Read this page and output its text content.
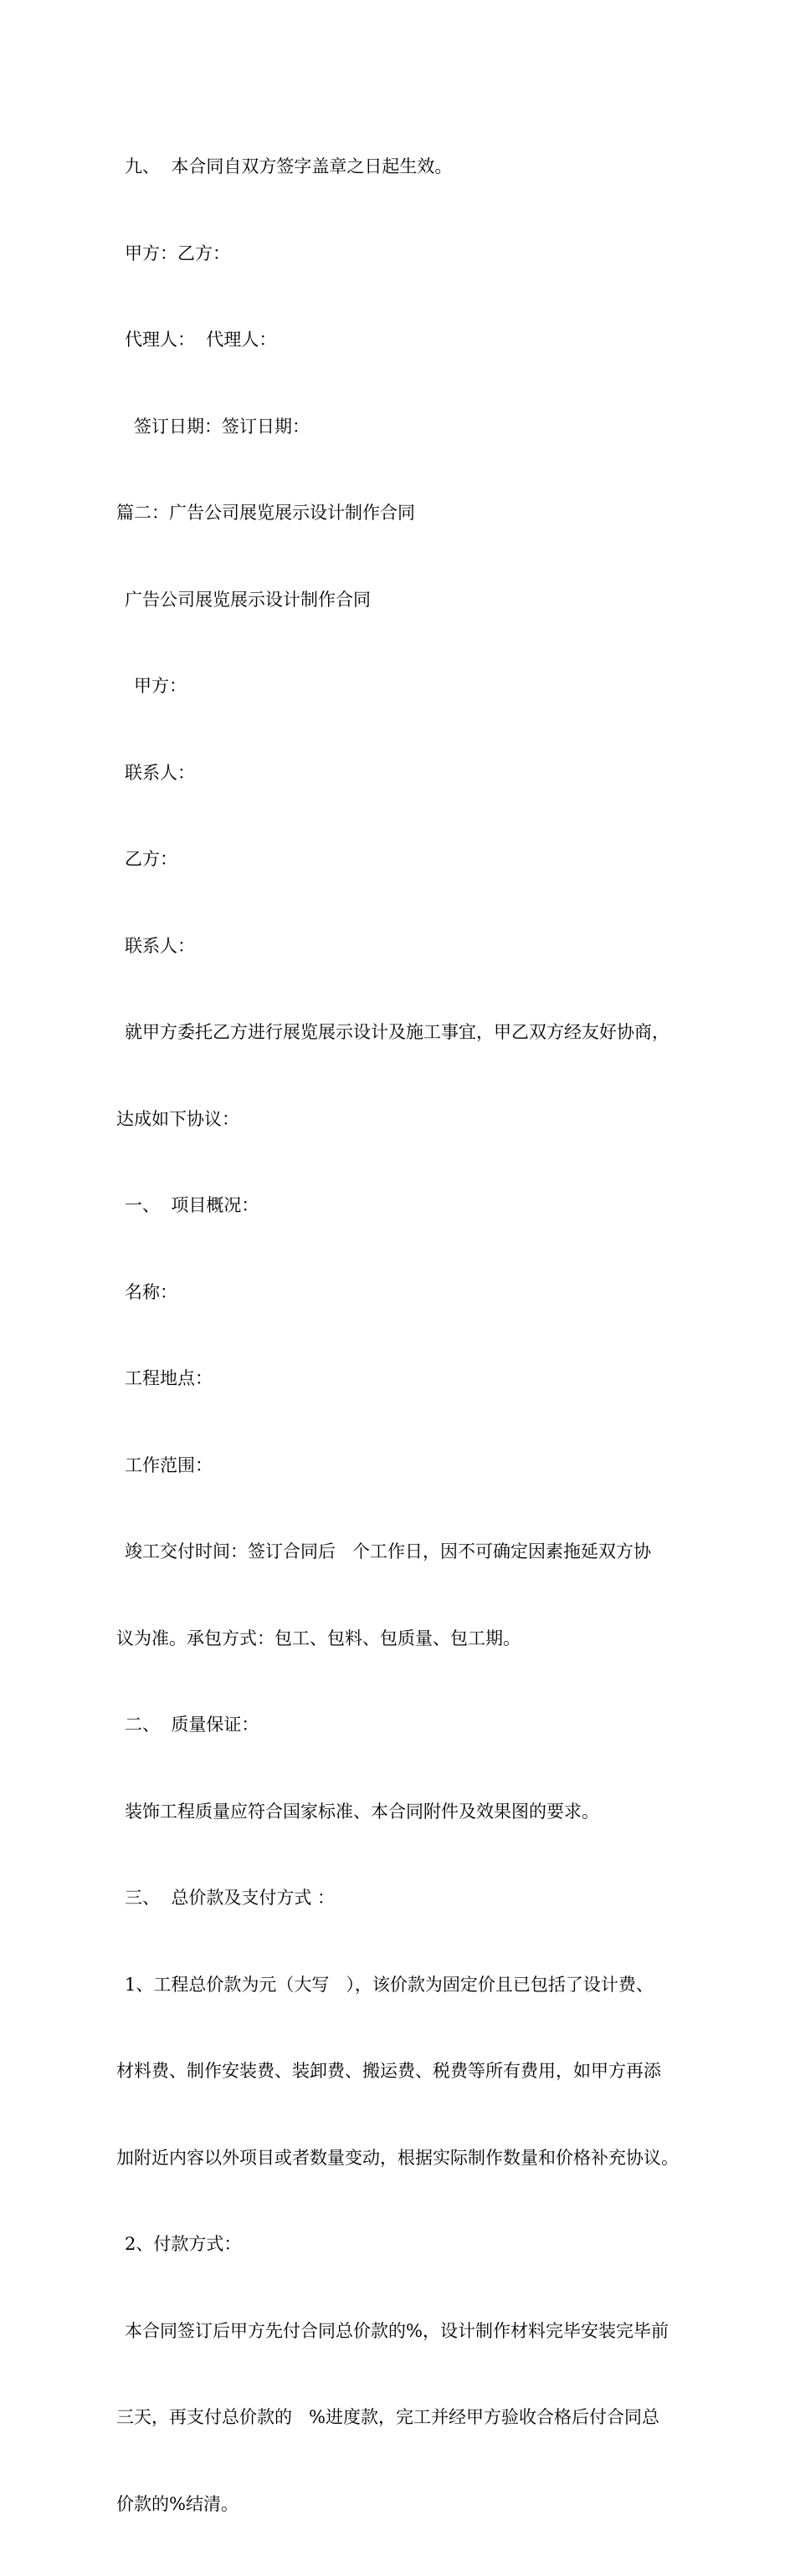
九、  本合同自双方签字盖章之日起生效。

甲方：乙方：

代理人：  代理人：

签订日期：签订日期：

篇二：广告公司展览展示设计制作合同

广告公司展览展示设计制作合同

甲方：

联系人：

乙方：

联系人：

就甲方委托乙方进行展览展示设计及施工事宜，甲乙双方经友好协商，

达成如下协议：

一、  项目概况：

名称：

工程地点：

工作范围：

竣工交付时间：签订合同后   个工作日，因不可确定因素拖延双方协

议为准。承包方式：包工、包料、包质量、包工期。

二、  质量保证：

装饰工程质量应符合国家标准、本合同附件及效果图的要求。

三、  总价款及支付方式 ：

1、工程总价款为元（大写   ），该价款为固定价且已包括了设计费、

材料费、制作安装费、装卸费、搬运费、税费等所有费用，如甲方再添

加附近内容以外项目或者数量变动，根据实际制作数量和价格补充协议。

2、付款方式：

本合同签订后甲方先付合同总价款的%，设计制作材料完毕安装完毕前

三天，再支付总价款的   %进度款，完工并经甲方验收合格后付合同总

价款的%结清。
